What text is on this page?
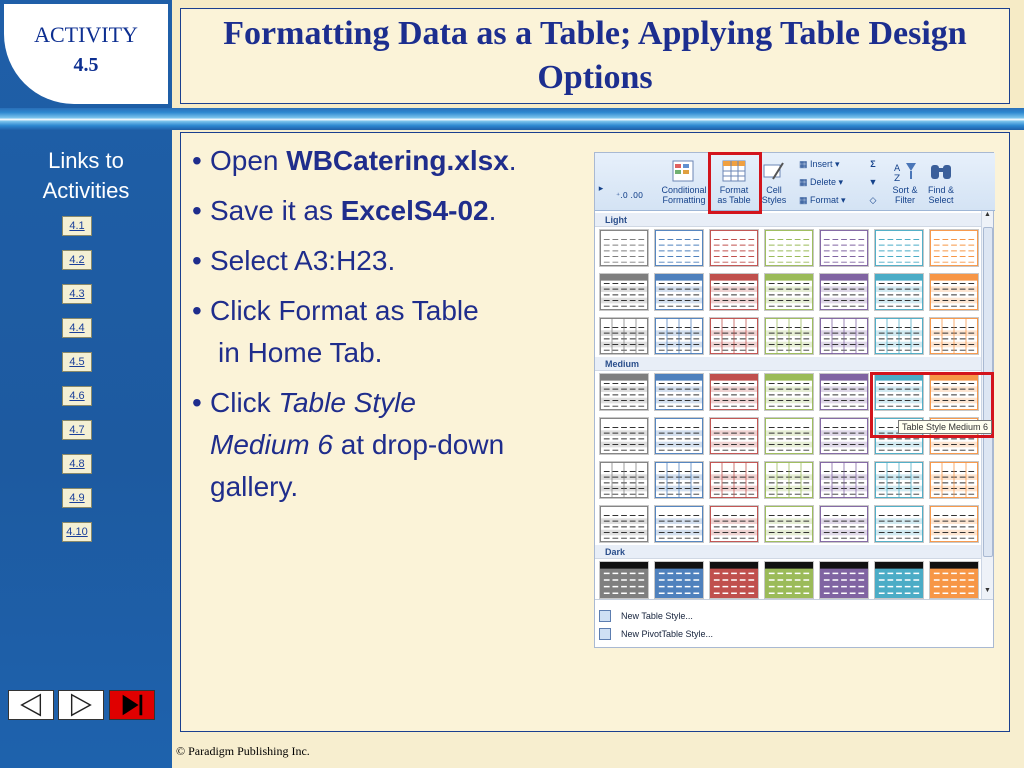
ACTIVITY
4.5
Formatting Data as a Table; Applying Table Design Options
Links to
Activities
4.1
4.2
4.3
4.4
4.5
4.6
4.7
4.8
4.9
4.10
• Open WBCatering.xlsx.
• Save it as ExcelS4-02.
• Select A3:H23.
• Click Format as Table
in Home Tab.
• Click Table Style
Medium 6 at drop-down
gallery.
▸
⁺.0 .00
Conditional
Formatting
Format
as Table
Cell
Styles
▦ Insert ▾
▦ Delete ▾
▦ Format ▾
Σ
▼
◇
A
Z
Sort &
Filter
Find &
Select
Light
Medium
Dark
▲
▼
New Table Style...
New PivotTable Style...
Table Style Medium 6
© Paradigm Publishing Inc.
